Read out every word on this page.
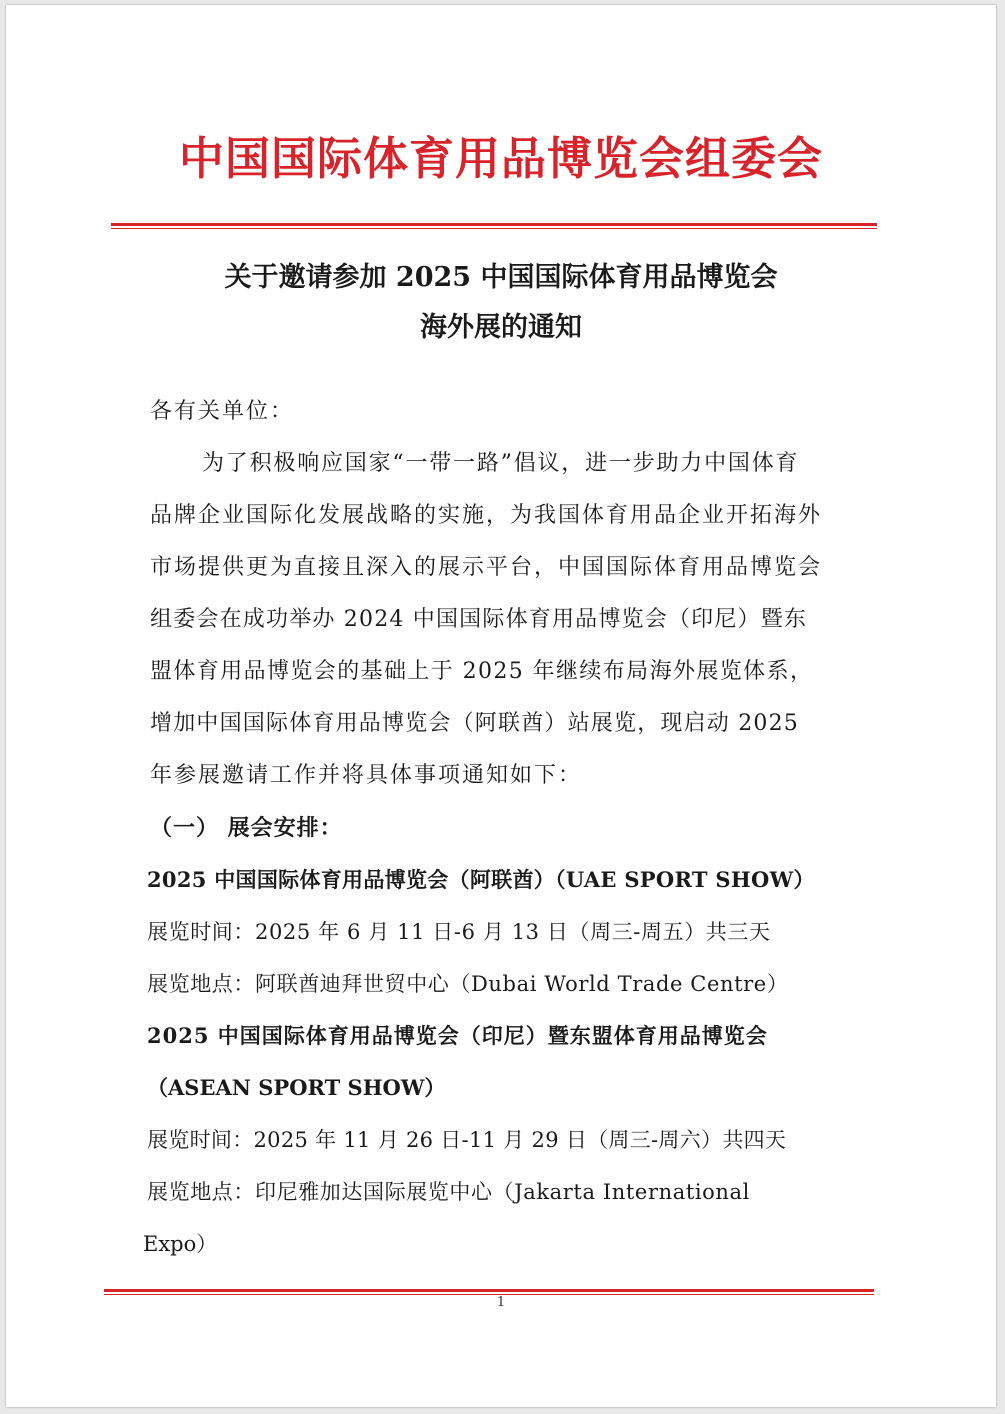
中国国际体育用品博览会组委会
关于邀请参加 2025 中国国际体育用品博览会
海外展的通知
各有关单位：
为了积极响应国家“一带一路”倡议，进一步助力中国体育
品牌企业国际化发展战略的实施，为我国体育用品企业开拓海外
市场提供更为直接且深入的展示平台，中国国际体育用品博览会
组委会在成功举办 2024 中国国际体育用品博览会（印尼）暨东
盟体育用品博览会的基础上于 2025 年继续布局海外展览体系，
增加中国国际体育用品博览会（阿联酋）站展览，现启动 2025
年参展邀请工作并将具体事项通知如下：
（一） 展会安排：
2025 中国国际体育用品博览会（阿联酋）（UAE SPORT SHOW）
展览时间：2025 年 6 月 11 日-6 月 13 日（周三-周五）共三天
展览地点：阿联酋迪拜世贸中心（Dubai World Trade Centre）
2025 中国国际体育用品博览会（印尼）暨东盟体育用品博览会
（ASEAN SPORT SHOW）
展览时间：2025 年 11 月 26 日-11 月 29 日（周三-周六）共四天
展览地点：印尼雅加达国际展览中心（Jakarta International
Expo）
1
